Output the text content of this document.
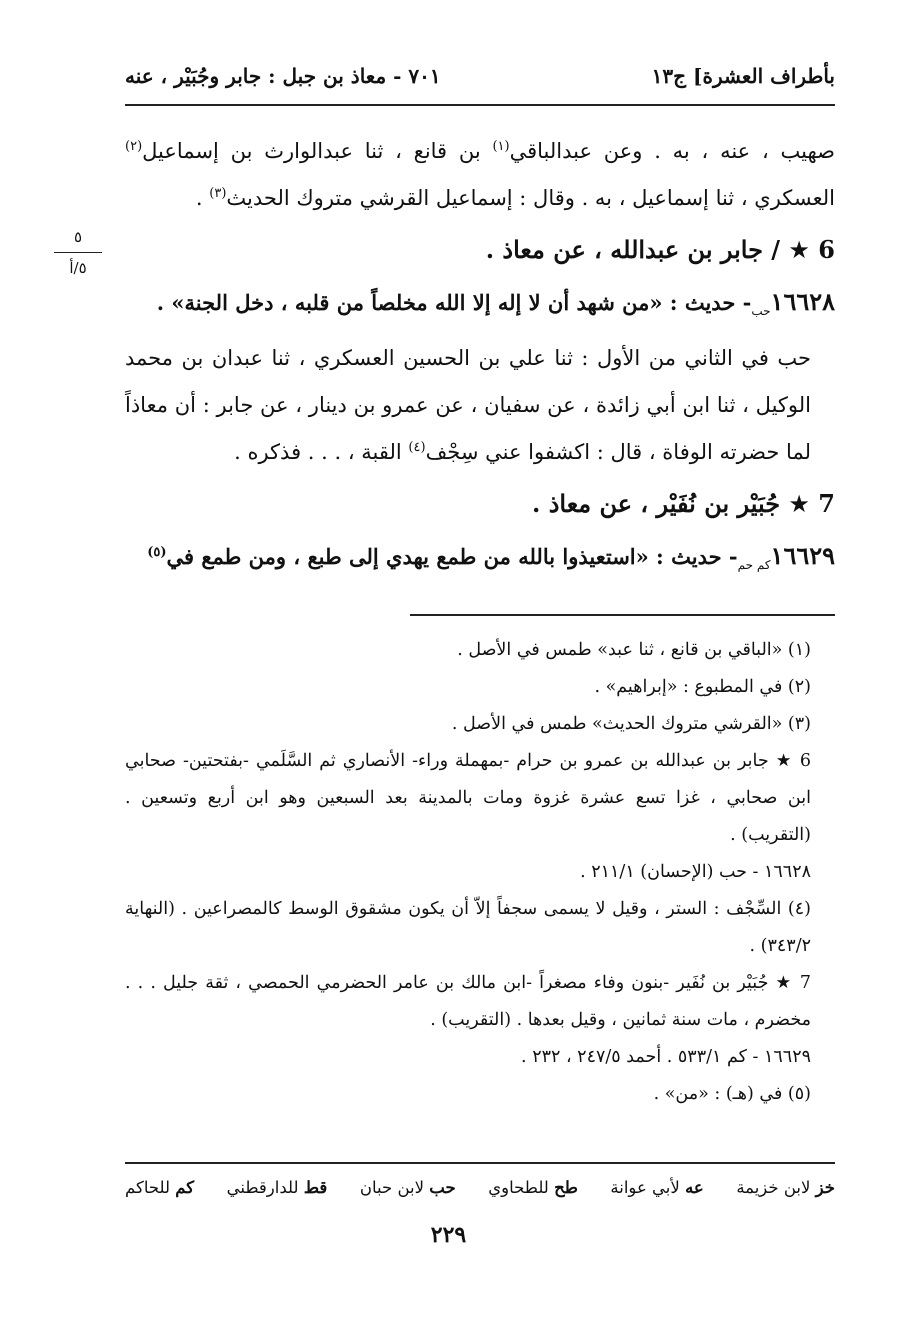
بأطراف العشرة] ج١٣
٧٠١ - معاذ بن جبل : جابر وجُبَيْر ، عنه
٥
٥/أ

صهيب ، عنه ، به . وعن عبدالباقي$^{(١)}$ بن قانع ، ثنا عبدالوارث بن إسماعيل$^{(٢)}$ العسكري ، ثنا إسماعيل ، به . وقال : إسماعيل القرشي متروك الحديث$^{(٣)}$ .

6 ★ / جابر بن عبدالله ، عن معاذ .

$١٦٦٢٨_{حب}-$ حديث : «من شهد أن لا إله إلا الله مخلصاً من قلبه ، دخل الجنة» .

حب في الثاني من الأول : ثنا علي بن الحسين العسكري ، ثنا عبدان بن محمد الوكيل ، ثنا ابن أبي زائدة ، عن سفيان ، عن عمرو بن دينار ، عن جابر : أن معاذاً لما حضرته الوفاة ، قال : اكشفوا عني سِجْف$^{(٤)}$ القبة ، . . . فذكره .

7 ★ جُبَيْر بن نُفَيْر ، عن معاذ .

$١٦٦٢٩_{كم حم}-$ حديث : «استعيذوا بالله من طمع يهدي إلى طبع ، ومن طمع في$^{(٥)}$

(١) «الباقي بن قانع ، ثنا عبد» طمس في الأصل .

(٢) في المطبوع : «إبراهيم» .

(٣) «القرشي متروك الحديث» طمس في الأصل .

6 ★ جابر بن عبدالله بن عمرو بن حرام -بمهملة وراء- الأنصاري ثم السَّلَمي -بفتحتين- صحابي ابن صحابي ، غزا تسع عشرة غزوة ومات بالمدينة بعد السبعين وهو ابن أربع وتسعين . (التقريب) .

١٦٦٢٨ - حب (الإحسان) ٢١١/١ .

(٤) السِّجْف : الستر ، وقيل لا يسمى سجفاً إلاّ أن يكون مشقوق الوسط كالمصراعين . (النهاية ٣٤٣/٢) .

7 ★ جُبَيْر بن نُفَير -بنون وفاء مصغراً -ابن مالك بن عامر الحضرمي الحمصي ، ثقة جليل . . . مخضرم ، مات سنة ثمانين ، وقيل بعدها . (التقريب) .

١٦٦٢٩ - كم ٥٣٣/١ . أحمد ٢٤٧/٥ ، ٢٣٢ .

(٥) في (هـ) : «من» .

خز لابن خزيمة
عه لأبي عوانة
طح للطحاوي
حب لابن حبان
قط للدارقطني
كم للحاكم
٢٢٩
